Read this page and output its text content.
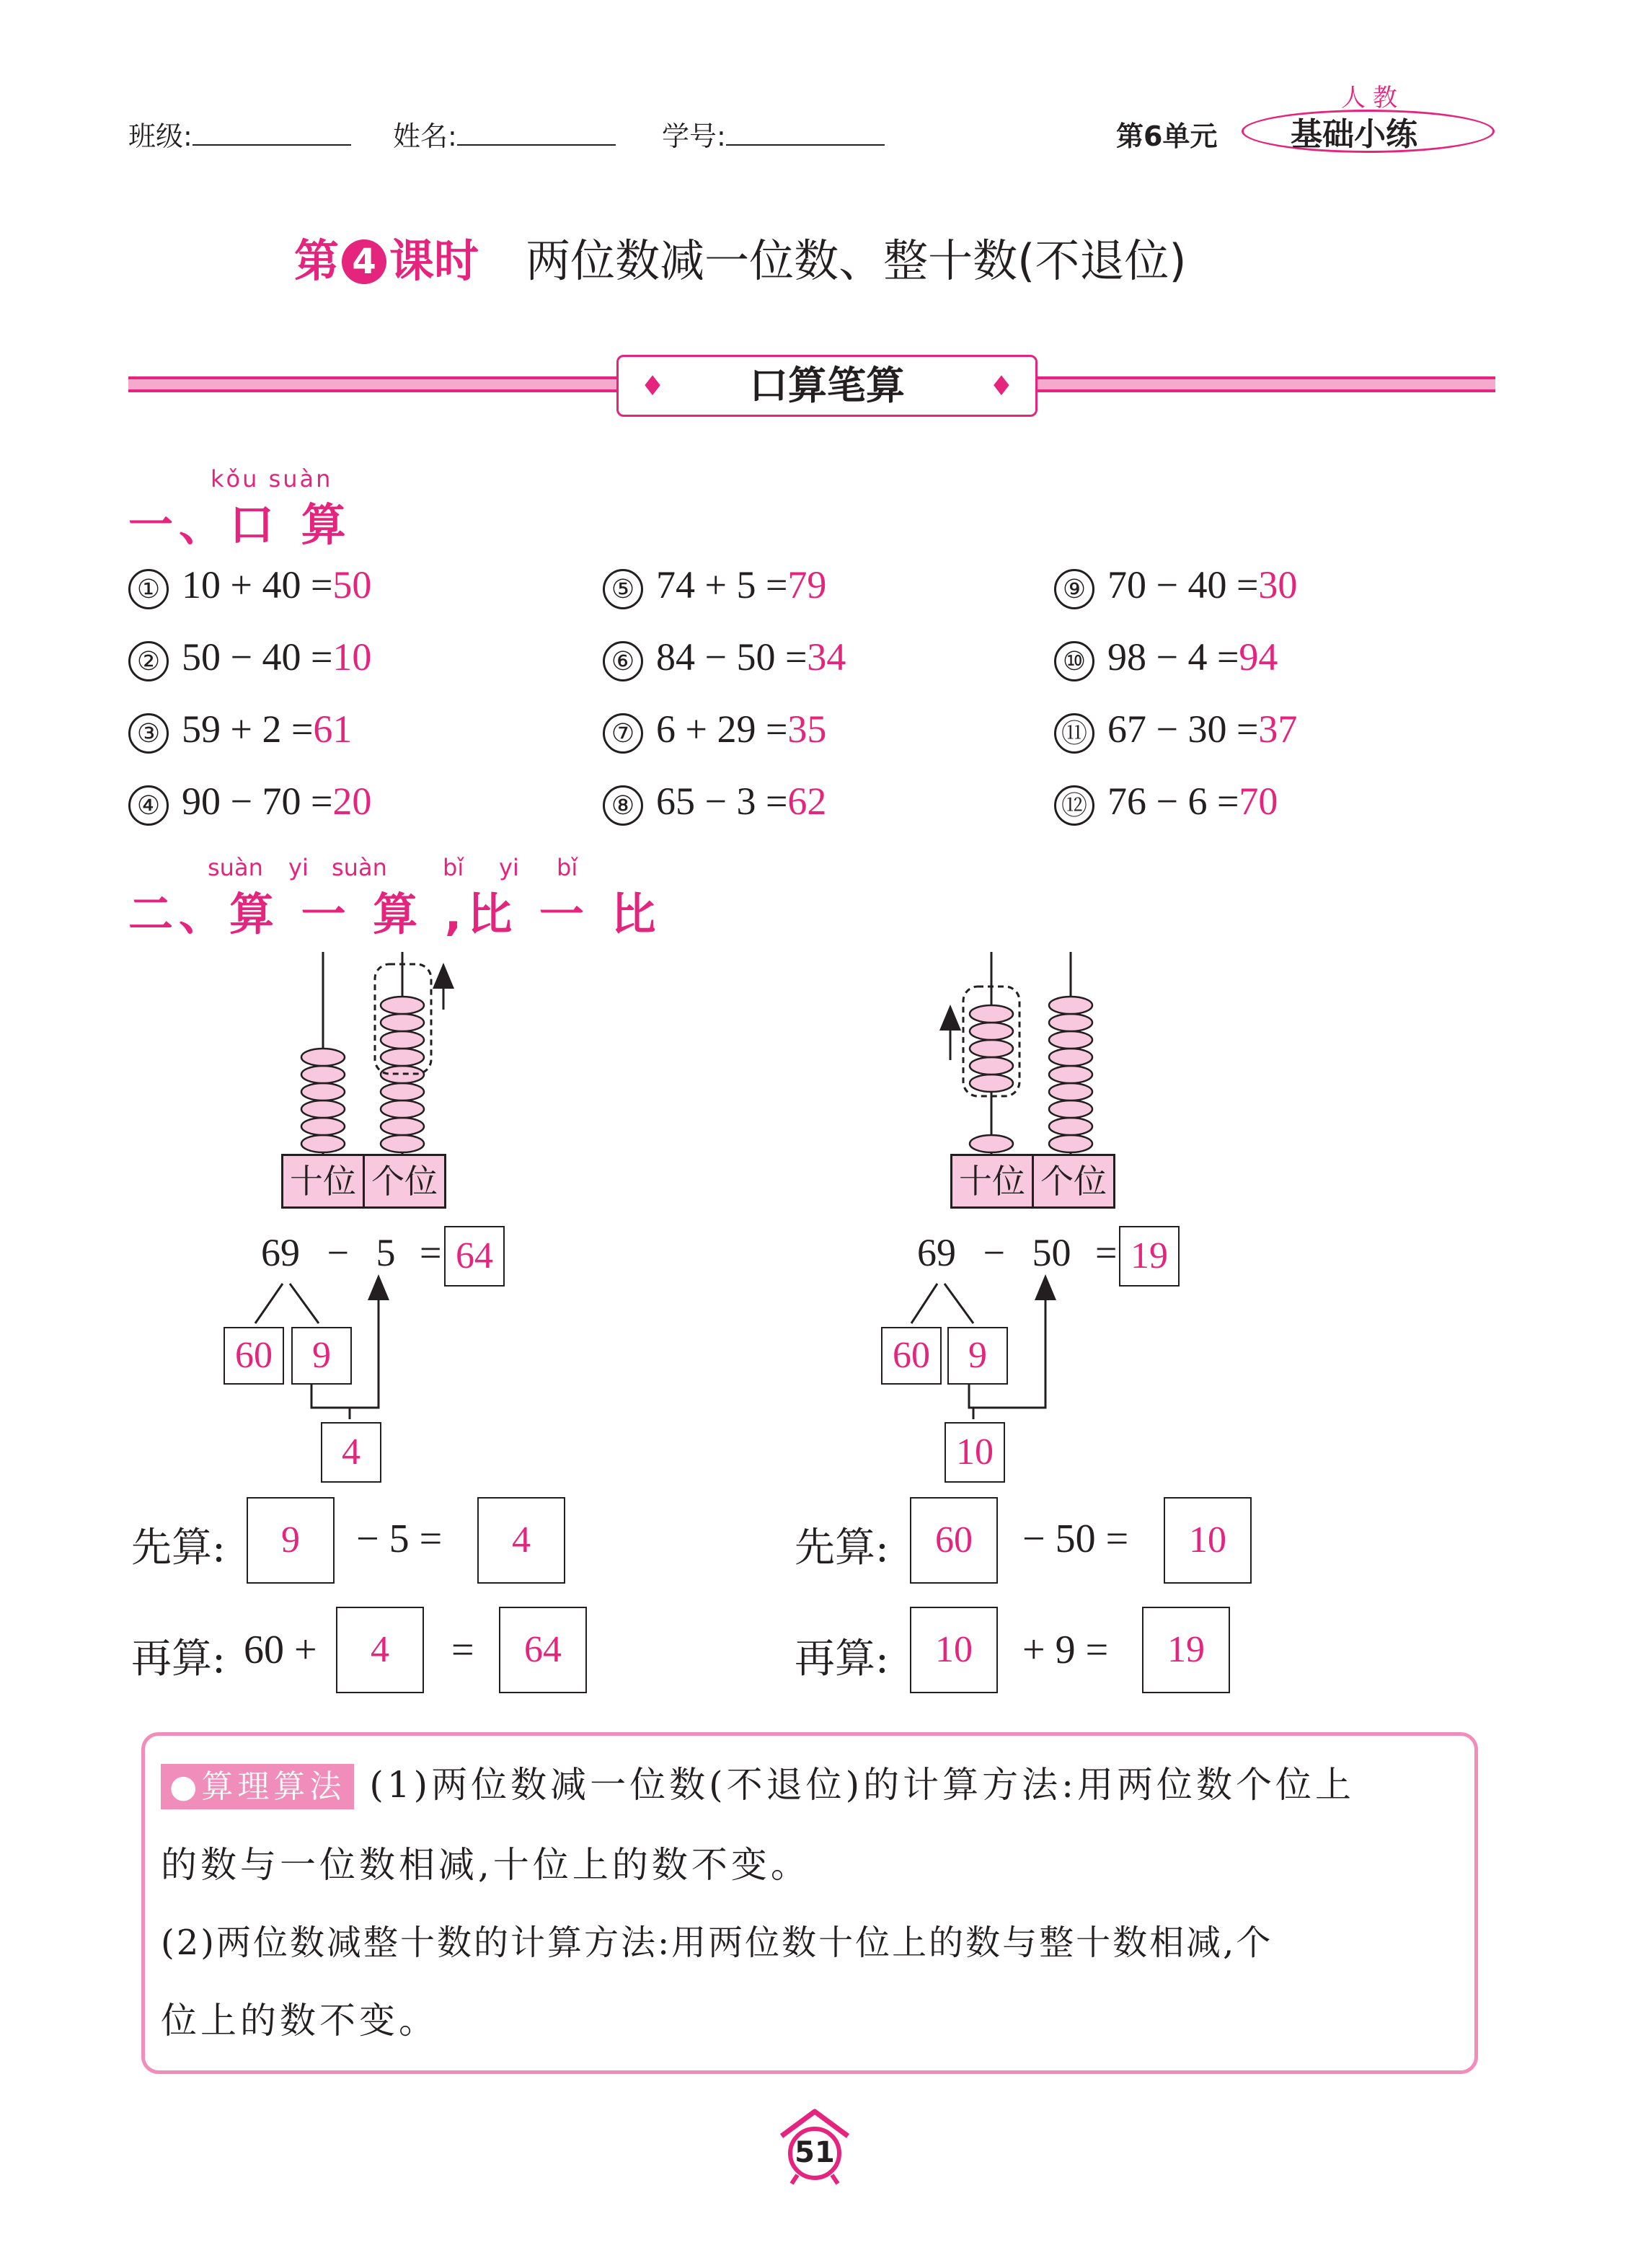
班级:	姓名:	学号:	第6单元
人教
基础小练
第 4 课时 两位数减一位数、整十数(不退位)
♦ 口算笔算	♦
kǒu suàn
一、口 算
① 10 + 40 =50
② 50 − 40 =10
③ 59 + 2 =61
④ 90 − 70 =20
⑤ 74 + 5 =79
⑥ 84 − 50 =34
⑦ 6 + 29 =35
⑧ 65 − 3 =62
⑨ 70 − 40 =30
⑩ 98 − 4 =94
⑪ 67 − 30 =37
⑫ 76 − 6 =70
suàn yi suàn bǐ yi bǐ
二、算 一 算 ,比 一 比
十位 个位	十位 个位
69 − 5 = 64
60	9
4
69 − 50 = 19
60	9
10
先算:	9	− 5 =	4
再算: 60 +	4	=	64
先算:	60	− 50 =	10
再算:	10	+ 9 =	19
●算理算法 (1)两位数减一位数(不退位)的计算方法:用两位数个位上
的数与一位数相减,十位上的数不变。
(2)两位数减整十数的计算方法:用两位数十位上的数与整十数相减,个
位上的数不变。
51
